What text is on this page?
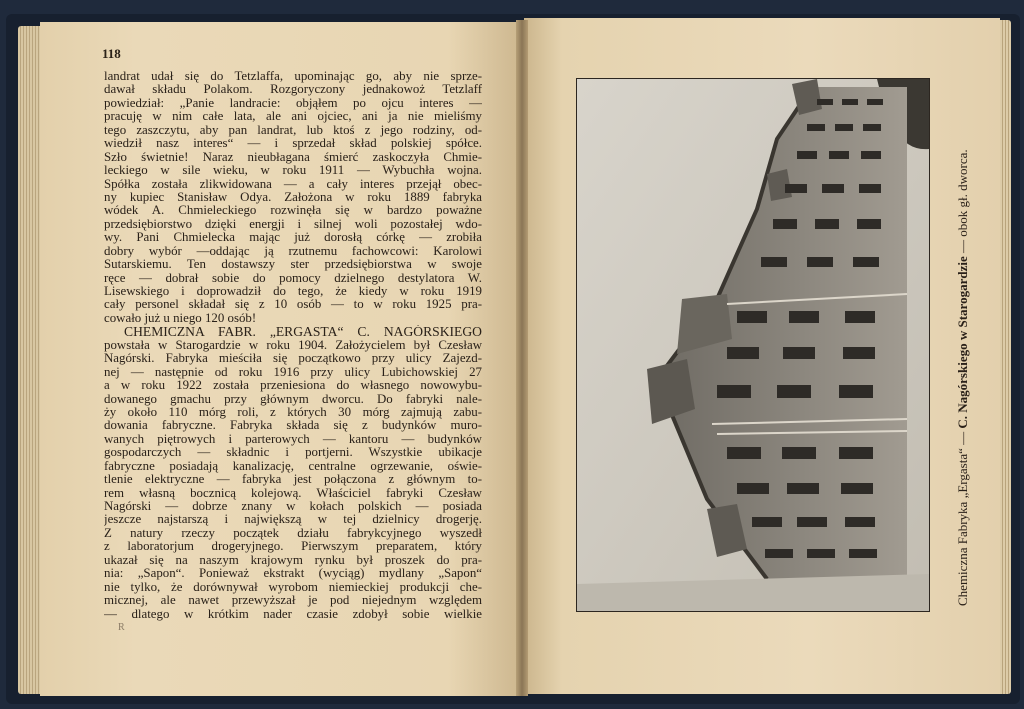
118
landrat udał się do Tetzlaffa, upominając go, aby nie sprze-
dawał składu Polakom. Rozgoryczony jednakowoż Tetzlaff
powiedział: „Panie landracie: objąłem po ojcu interes —
pracuję w nim całe lata, ale ani ojciec, ani ja nie mieliśmy
tego zaszczytu, aby pan landrat, lub ktoś z jego rodziny, od-
wiedził nasz interes“ — i sprzedał skład polskiej spółce.
Szło świetnie! Naraz nieubłagana śmierć zaskoczyła Chmie-
leckiego w sile wieku, w roku 1911 — Wybuchła wojna.
Spółka została zlikwidowana — a cały interes przejął obec-
ny kupiec Stanisław Odya. Założona w roku 1889 fabryka
wódek A. Chmieleckiego rozwinęła się w bardzo poważne
przedsiębiorstwo dzięki energji i silnej woli pozostałej wdo-
wy. Pani Chmielecka mając już dorosłą córkę — zrobiła
dobry wybór —oddając ją rzutnemu fachowcowi: Karolowi
Sutarskiemu. Ten dostawszy ster przedsiębiorstwa w swoje
ręce — dobrał sobie do pomocy dzielnego destylatora W.
Lisewskiego i doprowadził do tego, że kiedy w roku 1919
cały personel składał się z 10 osób — to w roku 1925 pra-
cowało już u niego 120 osób!
CHEMICZNA FABR. „ERGASTA“ C. NAGÓRSKIEGO
powstała w Starogardzie w roku 1904. Założycielem był Czesław
Nagórski. Fabryka mieściła się początkowo przy ulicy Zajezd-
nej — następnie od roku 1916 przy ulicy Lubichowskiej 27
a w roku 1922 została przeniesiona do własnego nowowybu-
dowanego gmachu przy głównym dworcu. Do fabryki nale-
ży około 110 mórg roli, z których 30 mórg zajmują zabu-
dowania fabryczne. Fabryka składa się z budynków muro-
wanych piętrowych i parterowych — kantoru — budynków
gospodarczych — składnic i portjerni. Wszystkie ubikacje
fabryczne posiadają kanalizację, centralne ogrzewanie, oświe-
tlenie elektryczne — fabryka jest połączona z głównym to-
rem własną bocznicą kolejową. Właściciel fabryki Czesław
Nagórski — dobrze znany w kołach polskich — posiada
jeszcze najstarszą i największą w tej dzielnicy drogerję.
Z natury rzeczy początek działu fabrykcyjnego wyszedł
z laboratorjum drogeryjnego. Pierwszym preparatem, który
ukazał się na naszym krajowym rynku był proszek do pra-
nia: „Sapon“. Ponieważ ekstrakt (wyciąg) mydlany „Sapon“
nie tylko, że dorównywał wyrobom niemieckiej produkcji che-
micznej, ale nawet przewyższał je pod niejednym względem
— dlatego w krótkim nader czasie zdobył sobie wielkie
R
Chemiczna Fabryka „Ergasta“ — C. Nagórskiego w Starogardzie — obok gł. dworca.
